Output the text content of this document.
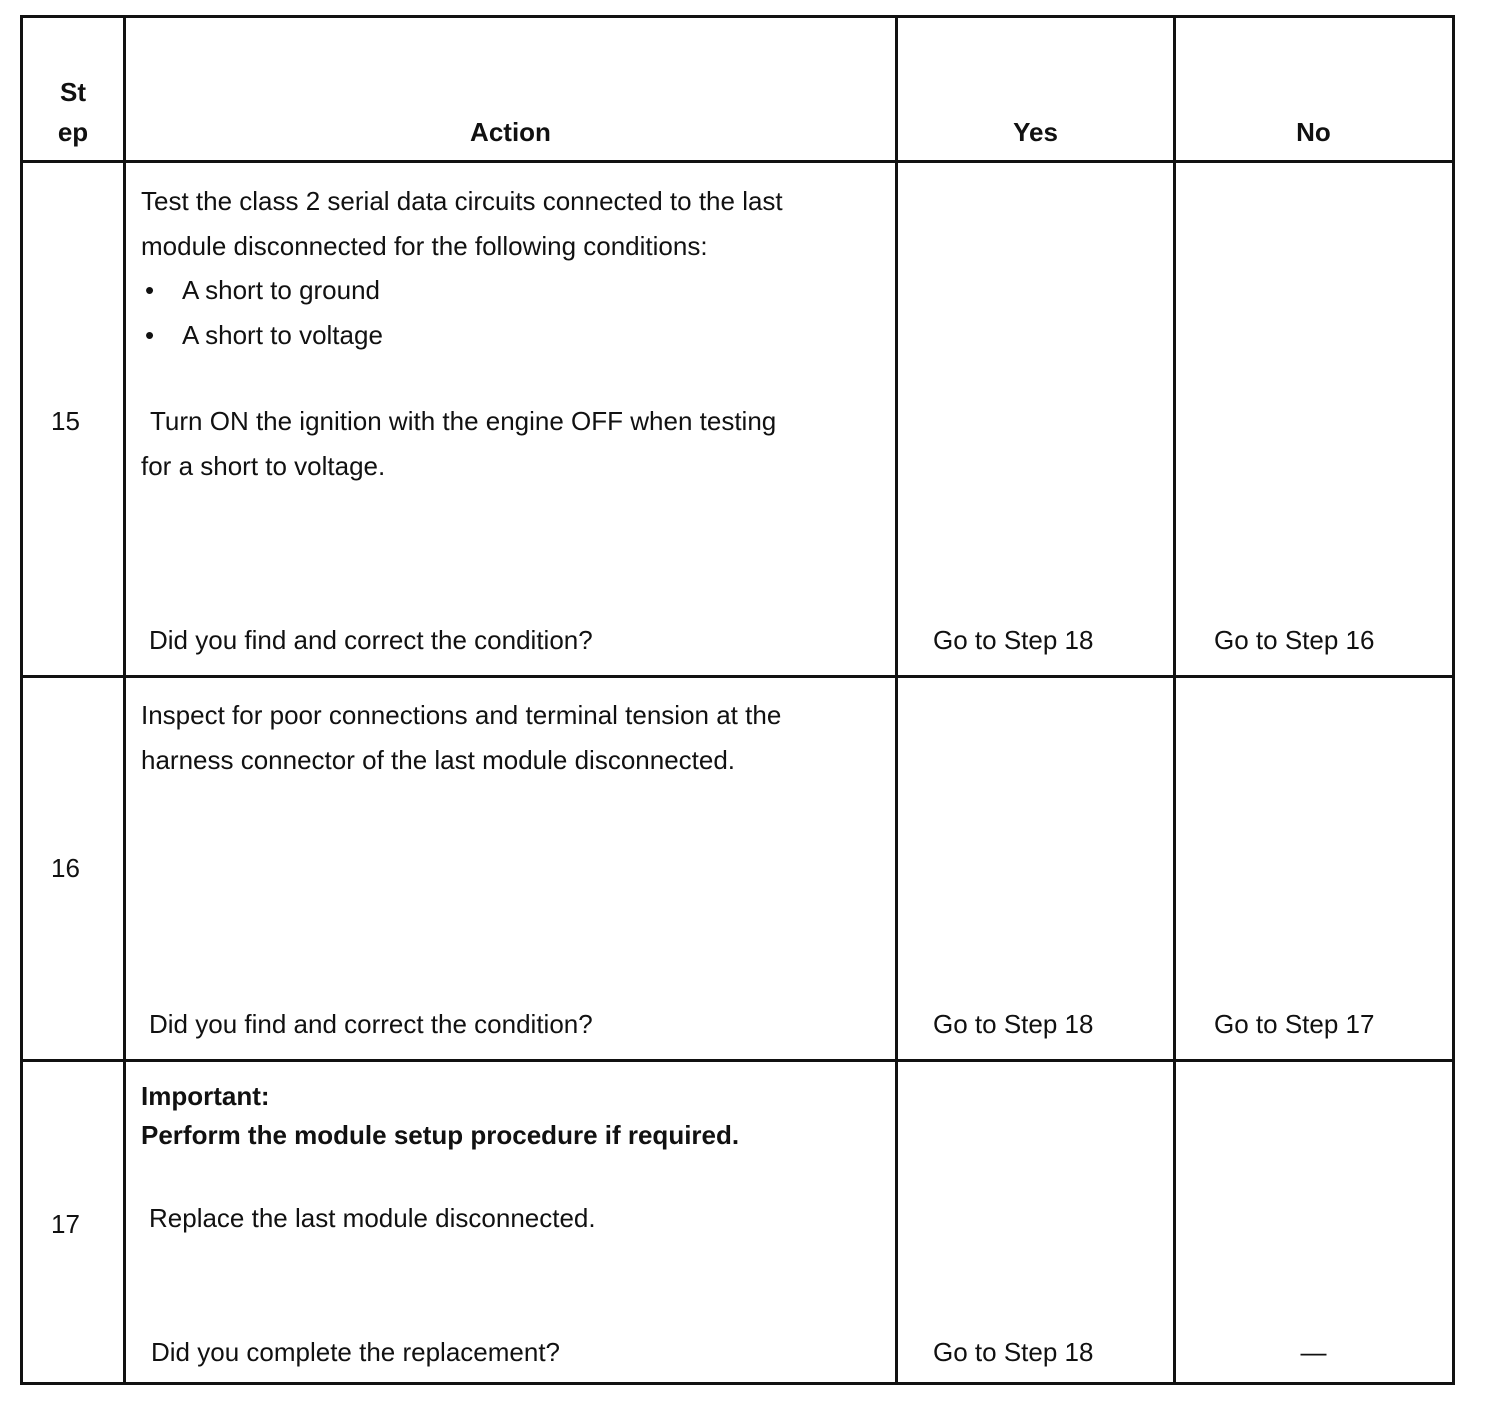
St
ep	Action	Yes	No
15
Test the class 2 serial data circuits connected to the last
module disconnected for the following conditions:
• A short to ground
• A short to voltage
Turn ON the ignition with the engine OFF when testing
for a short to voltage.
Did you find and correct the condition?	Go to Step 18	Go to Step 16
16
Inspect for poor connections and terminal tension at the
harness connector of the last module disconnected.
Did you find and correct the condition?	Go to Step 18	Go to Step 17
17
Important:
Perform the module setup procedure if required.
Replace the last module disconnected.
Did you complete the replacement?	Go to Step 18	—
